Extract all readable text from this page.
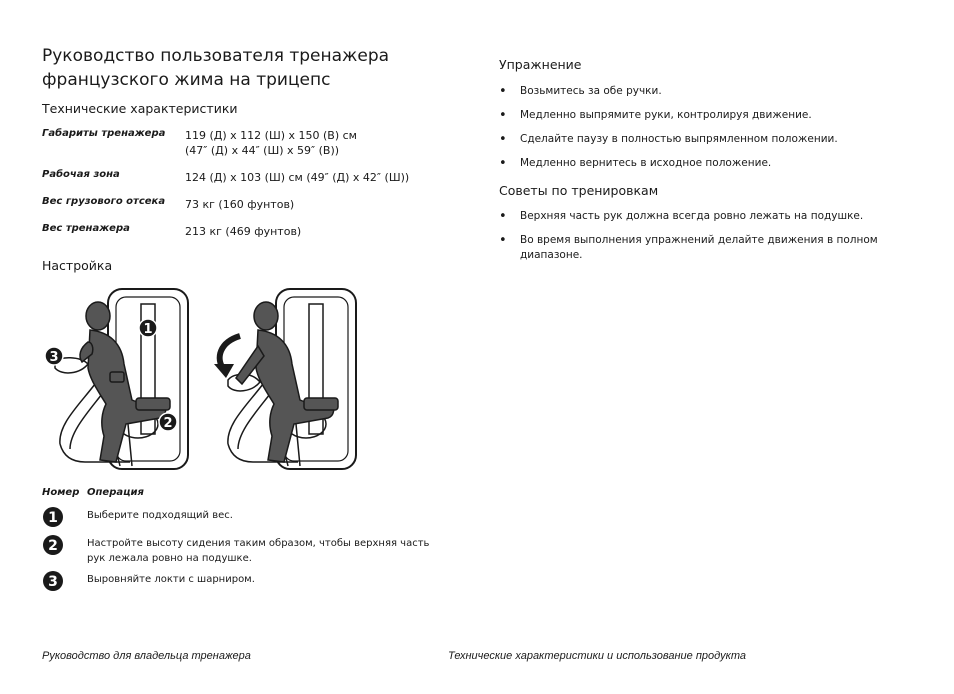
Руководство пользователя тренажера
французского жима на трицепс
Технические характеристики
Габариты тренажера	119 (Д) x 112 (Ш) x 150 (В) см
(47″ (Д) x 44″ (Ш) x 59″ (В))
Рабочая зона	124 (Д) x 103 (Ш) см (49″ (Д) x 42″ (Ш))
Вес грузового отсека	73 кг (160 фунтов)
Вес тренажера	213 кг (469 фунтов)
Настройка
1
2
3
Номер Операция
1	Выберите подходящий вес.
2	Настройте высоту сидения таким образом, чтобы верхняя часть
рук лежала ровно на подушке.
3	Выровняйте локти с шарниром.
Упражнение
• Возьмитесь за обе ручки.
• Медленно выпрямите руки, контролируя движение.
• Сделайте паузу в полностью выпрямленном положении.
• Медленно вернитесь в исходное положение.
Советы по тренировкам
• Верхняя часть рук должна всегда ровно лежать на подушке.
• Во время выполнения упражнений делайте движения в полном
диапазоне.
Руководство для владельца тренажера	Технические характеристики и использование продукта
